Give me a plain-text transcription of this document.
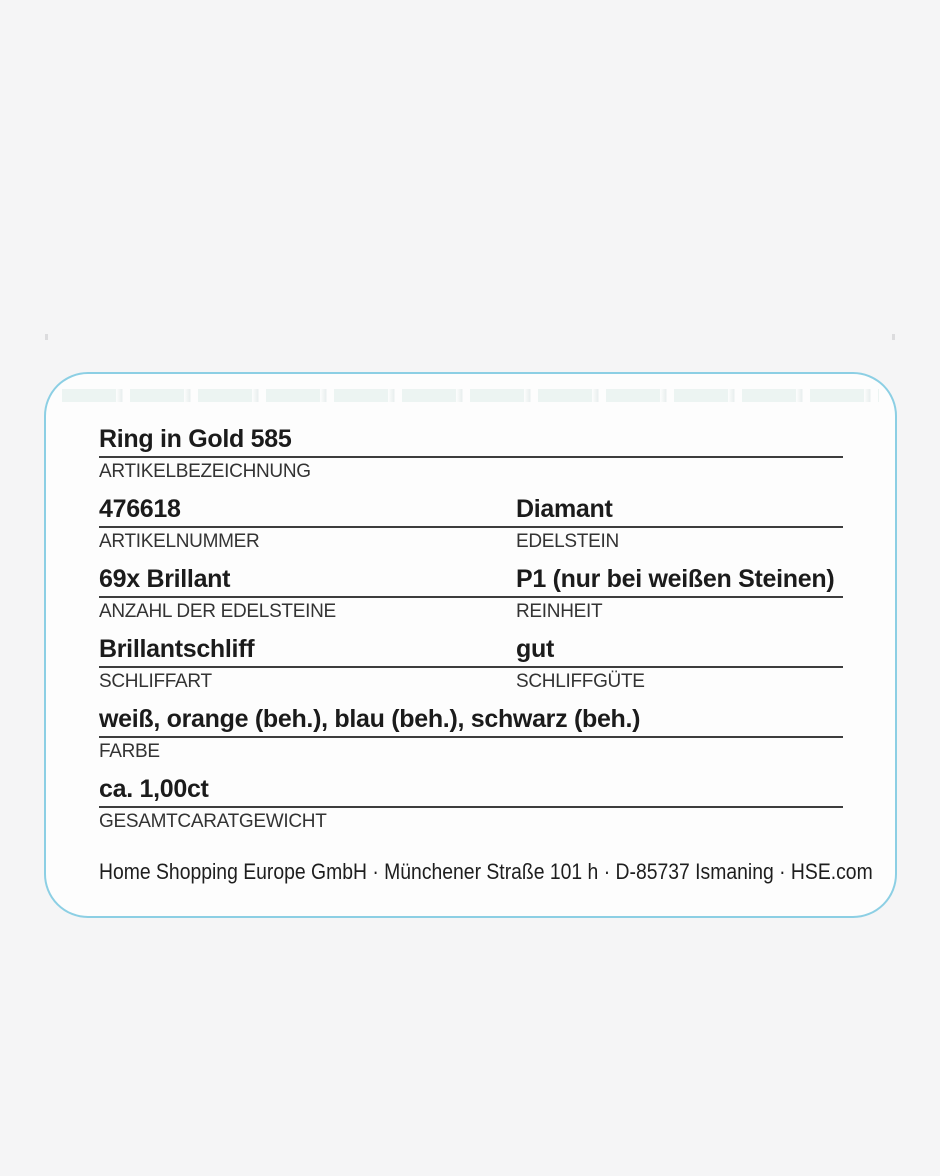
Ring in Gold 585
ARTIKELBEZEICHNUNG
476618	Diamant
ARTIKELNUMMER	EDELSTEIN
69x Brillant	P1 (nur bei weißen Steinen)
ANZAHL DER EDELSTEINE	REINHEIT
Brillantschliff	gut
SCHLIFFART	SCHLIFFGÜTE
weiß, orange (beh.), blau (beh.), schwarz (beh.)
FARBE
ca. 1,00ct
GESAMTCARATGEWICHT
Home Shopping Europe GmbH · Münchener Straße 101 h · D-85737 Ismaning · HSE.com
